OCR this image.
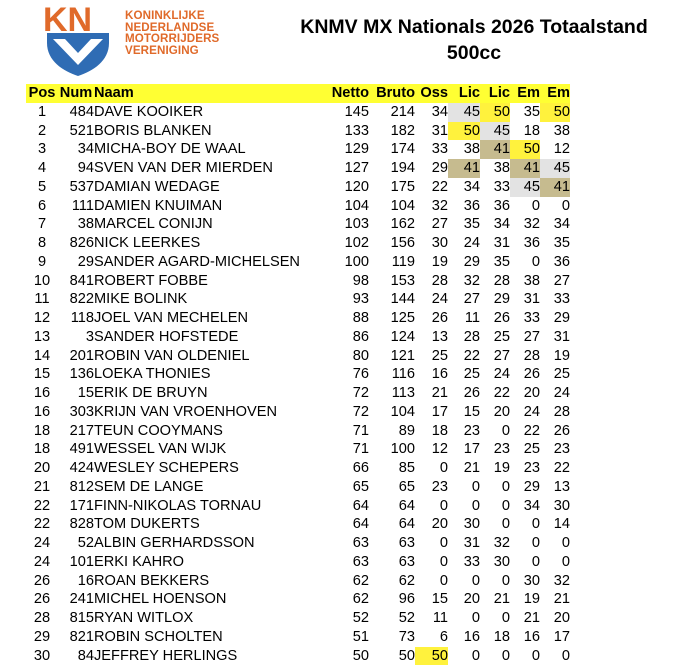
KN	KONINKLIJKE
NEDERLANDSE
MOTORRIJDERS
VERENIGING
KNMV MX Nationals 2026 Totaalstand
500cc
Pos	Num	Naam	Netto	Bruto	Oss	Lic	Lic	Em	Em
1	484	DAVE KOOIKER	145	214	34	45	50	35	50
2	521	BORIS BLANKEN	133	182	31	50	45	18	38
3	34	MICHA-BOY DE WAAL	129	174	33	38	41	50	12
4	94	SVEN VAN DER MIERDEN	127	194	29	41	38	41	45
5	537	DAMIAN WEDAGE	120	175	22	34	33	45	41
6	111	DAMIEN KNUIMAN	104	104	32	36	36	0	0
7	38	MARCEL CONIJN	103	162	27	35	34	32	34
8	826	NICK LEERKES	102	156	30	24	31	36	35
9	29	SANDER AGARD-MICHELSEN	100	119	19	29	35	0	36
10	841	ROBERT FOBBE	98	153	28	32	28	38	27
11	822	MIKE BOLINK	93	144	24	27	29	31	33
12	118	JOEL VAN MECHELEN	88	125	26	11	26	33	29
13	3	SANDER HOFSTEDE	86	124	13	28	25	27	31
14	201	ROBIN VAN OLDENIEL	80	121	25	22	27	28	19
15	136	LOEKA THONIES	76	116	16	25	24	26	25
16	15	ERIK DE BRUYN	72	113	21	26	22	20	24
16	303	KRIJN VAN VROENHOVEN	72	104	17	15	20	24	28
18	217	TEUN COOYMANS	71	89	18	23	0	22	26
18	491	WESSEL VAN WIJK	71	100	12	17	23	25	23
20	424	WESLEY SCHEPERS	66	85	0	21	19	23	22
21	812	SEM DE LANGE	65	65	23	0	0	29	13
22	171	FINN-NIKOLAS TORNAU	64	64	0	0	0	34	30
22	828	TOM DUKERTS	64	64	20	30	0	0	14
24	52	ALBIN GERHARDSSON	63	63	0	31	32	0	0
24	101	ERKI KAHRO	63	63	0	33	30	0	0
26	16	ROAN BEKKERS	62	62	0	0	0	30	32
26	241	MICHEL HOENSON	62	96	15	20	21	19	21
28	815	RYAN WITLOX	52	52	11	0	0	21	20
29	821	ROBIN SCHOLTEN	51	73	6	16	18	16	17
30	84	JEFFREY HERLINGS	50	50	50	0	0	0	0
